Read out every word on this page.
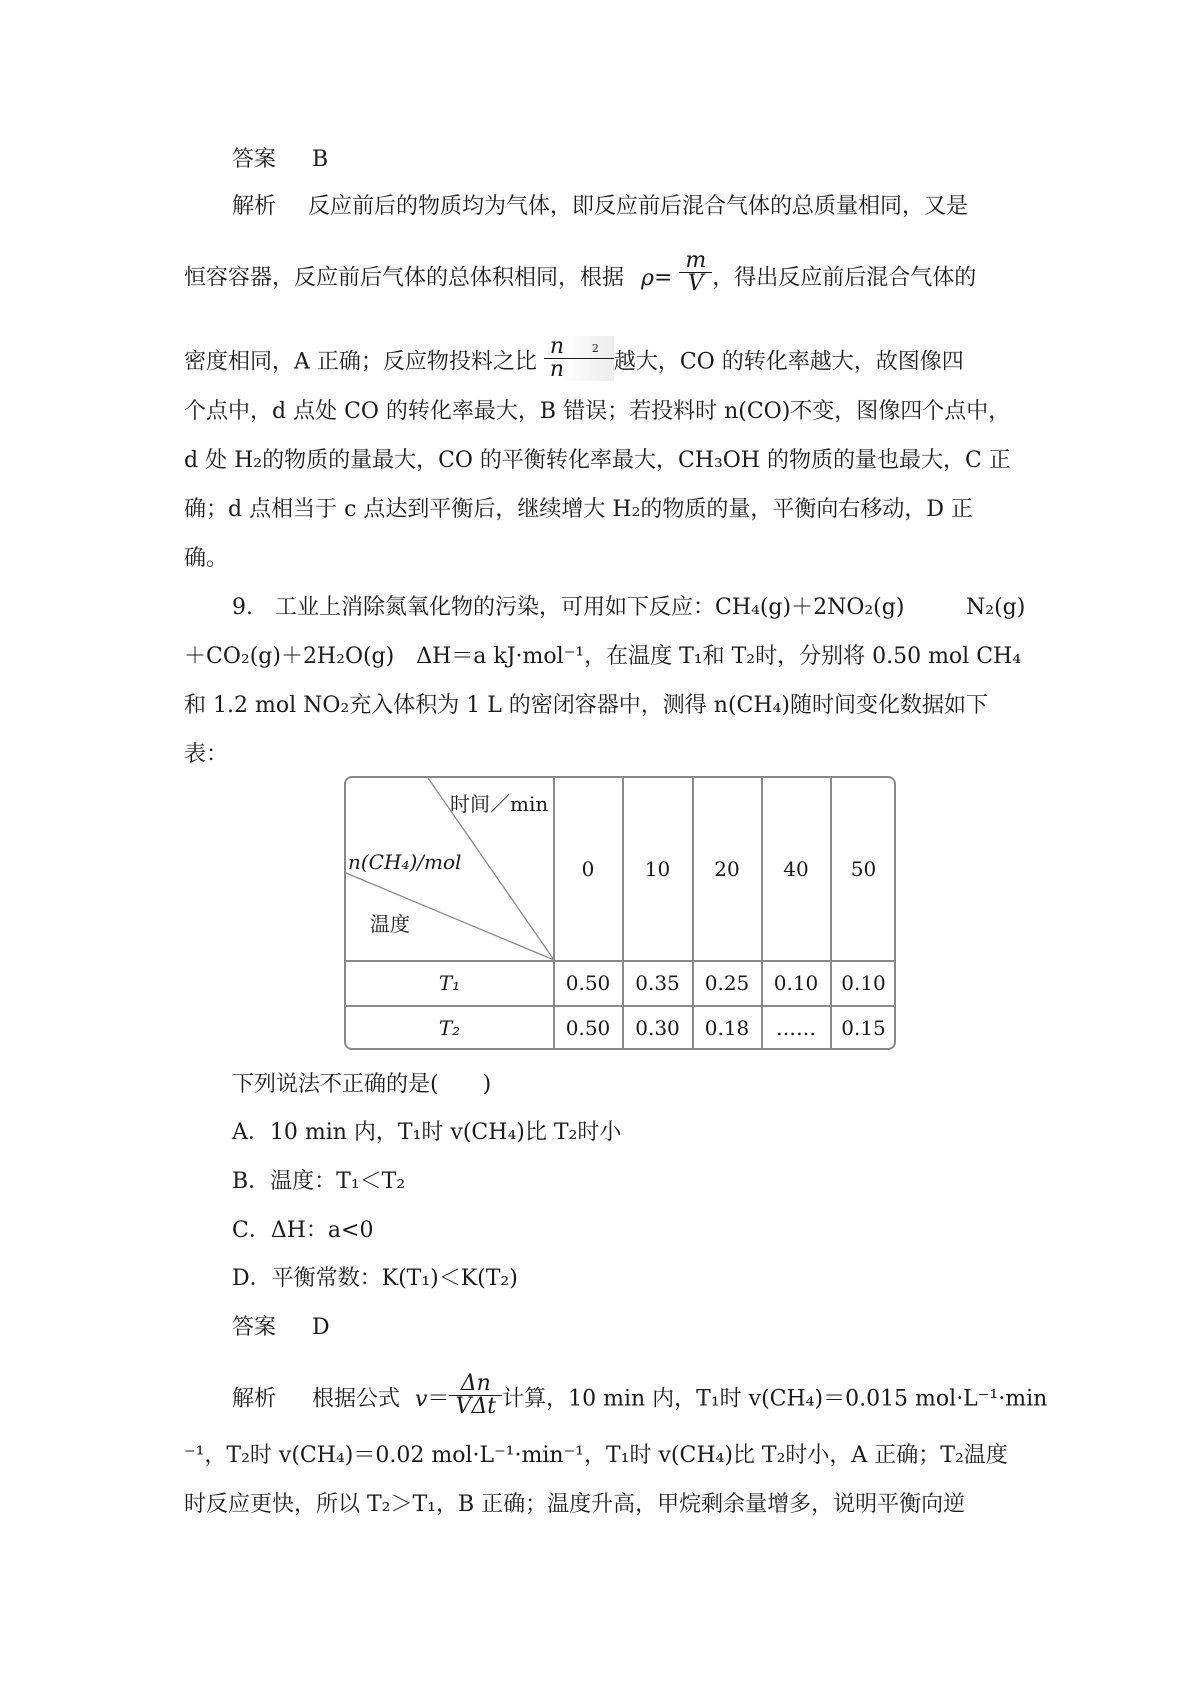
答案 B
解析 反应前后的物质均为气体，即反应前后混合气体的总质量相同，又是
恒容容器，反应前后气体的总体积相同，根据 $\rho= \frac{m}{V}$ ，得出反应前后混合气体的
密度相同，A 正确；反应物投料之比 n	2
n 越大，CO 的转化率越大，故图像四
个点中，d 点处 CO 的转化率最大，B 错误；若投料时 n(CO)不变，图像四个点中，
d 处 H₂的物质的量最大，CO 的平衡转化率最大，CH₃OH 的物质的量也最大，C 正
确；d 点相当于 c 点达到平衡后，继续增大 H₂的物质的量，平衡向右移动，D 正
确。
9.　工业上消除氮氧化物的污染，可用如下反应：CH₄(g)＋2NO₂(g)	N₂(g)
＋CO₂(g)＋2H₂O(g)　ΔH＝a kJ·mol⁻¹，在温度 T₁和 T₂时，分别将 0.50 mol CH₄
和 1.2 mol NO₂充入体积为 1 L 的密闭容器中，测得 n(CH₄)随时间变化数据如下
表：
时间／min
n(CH₄)/mol
温度
0	10	20	40	50
T₁	0.50	0.35	0.25	0.10	0.10
T₂	0.50	0.30	0.18	……	0.15
下列说法不正确的是(　　)
A．10 min 内，T₁时 v(CH₄)比 T₂时小
B．温度：T₁＜T₂
C．ΔH：a<0
D．平衡常数：K(T₁)＜K(T₂)
答案 D
解析 根据公式 $v= \frac{\Delta n}{\text{VΔt}}$ 计算，10 min 内，T₁时 v(CH₄)＝0.015 mol·L⁻¹·min
⁻¹，T₂时 v(CH₄)＝0.02 mol·L⁻¹·min⁻¹，T₁时 v(CH₄)比 T₂时小，A 正确；T₂温度
时反应更快，所以 T₂＞T₁，B 正确；温度升高，甲烷剩余量增多，说明平衡向逆
